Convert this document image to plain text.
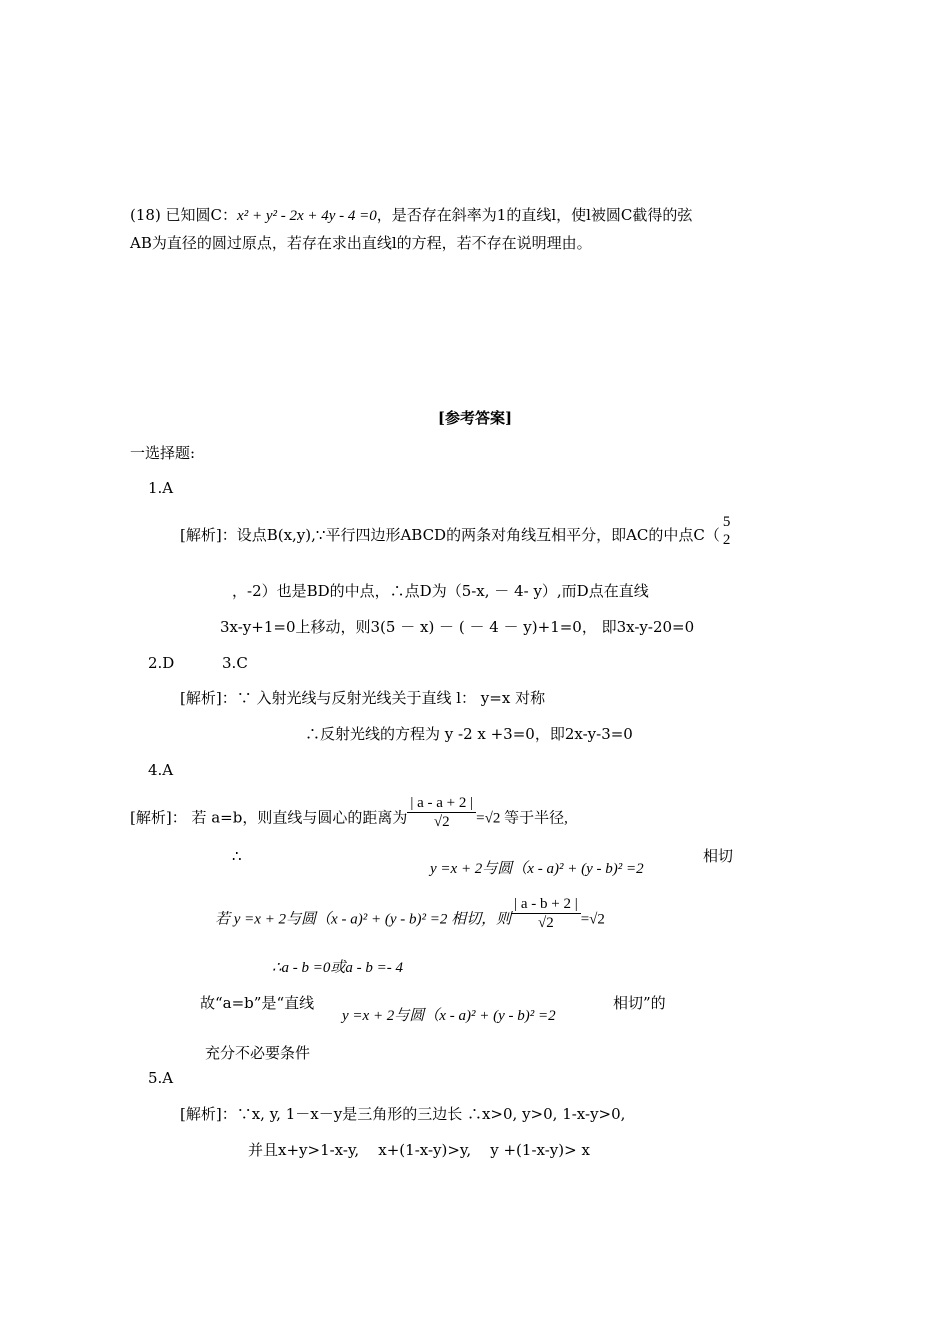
(18) 已知圆C：x² + y² - 2x + 4y - 4 =0，是否存在斜率为1的直线l，使l被圆C截得的弦
AB为直径的圆过原点，若存在求出直线l的方程，若不存在说明理由。
[参考答案]
一选择题:
1.A
[解析]：设点B(x,y),∵平行四边形ABCD的两条对角线互相平分，即AC的中点C（
5
2
，-2）也是BD的中点，∴点D为（5-x, － 4- y）,而D点在直线
3x-y+1=0上移动，则3(5 － x) － ( － 4 － y)+1=0， 即3x-y-20=0
2.D          3.C
[解析]：∵ 入射光线与反射光线关于直线 l： y=x 对称
∴反射光线的方程为 y -2 x +3=0，即2x-y-3=0
4.A
[解析]： 若 a=b，则直线与圆心的距离为 $\frac{| a - a + 2 |}{√2} =√2$ 等于半径,
∴
y =x + 2与圆（x - a)² + (y - b)² =2
相切
若 y =x + 2与圆（x - a)² + (y - b)² =2 相切，则 $\frac{| a - b + 2 |}{√2} =√2$
∴a - b =0或a - b =- 4
故“a=b”是“直线
y =x + 2与圆（x - a)² + (y - b)² =2
相切”的
充分不必要条件
5.A
[解析]：∵x, y, 1－x－y是三角形的三边长 ∴x>0, y>0, 1-x-y>0,
并且x+y>1-x-y,    x+(1-x-y)>y,    y +(1-x-y)> x
